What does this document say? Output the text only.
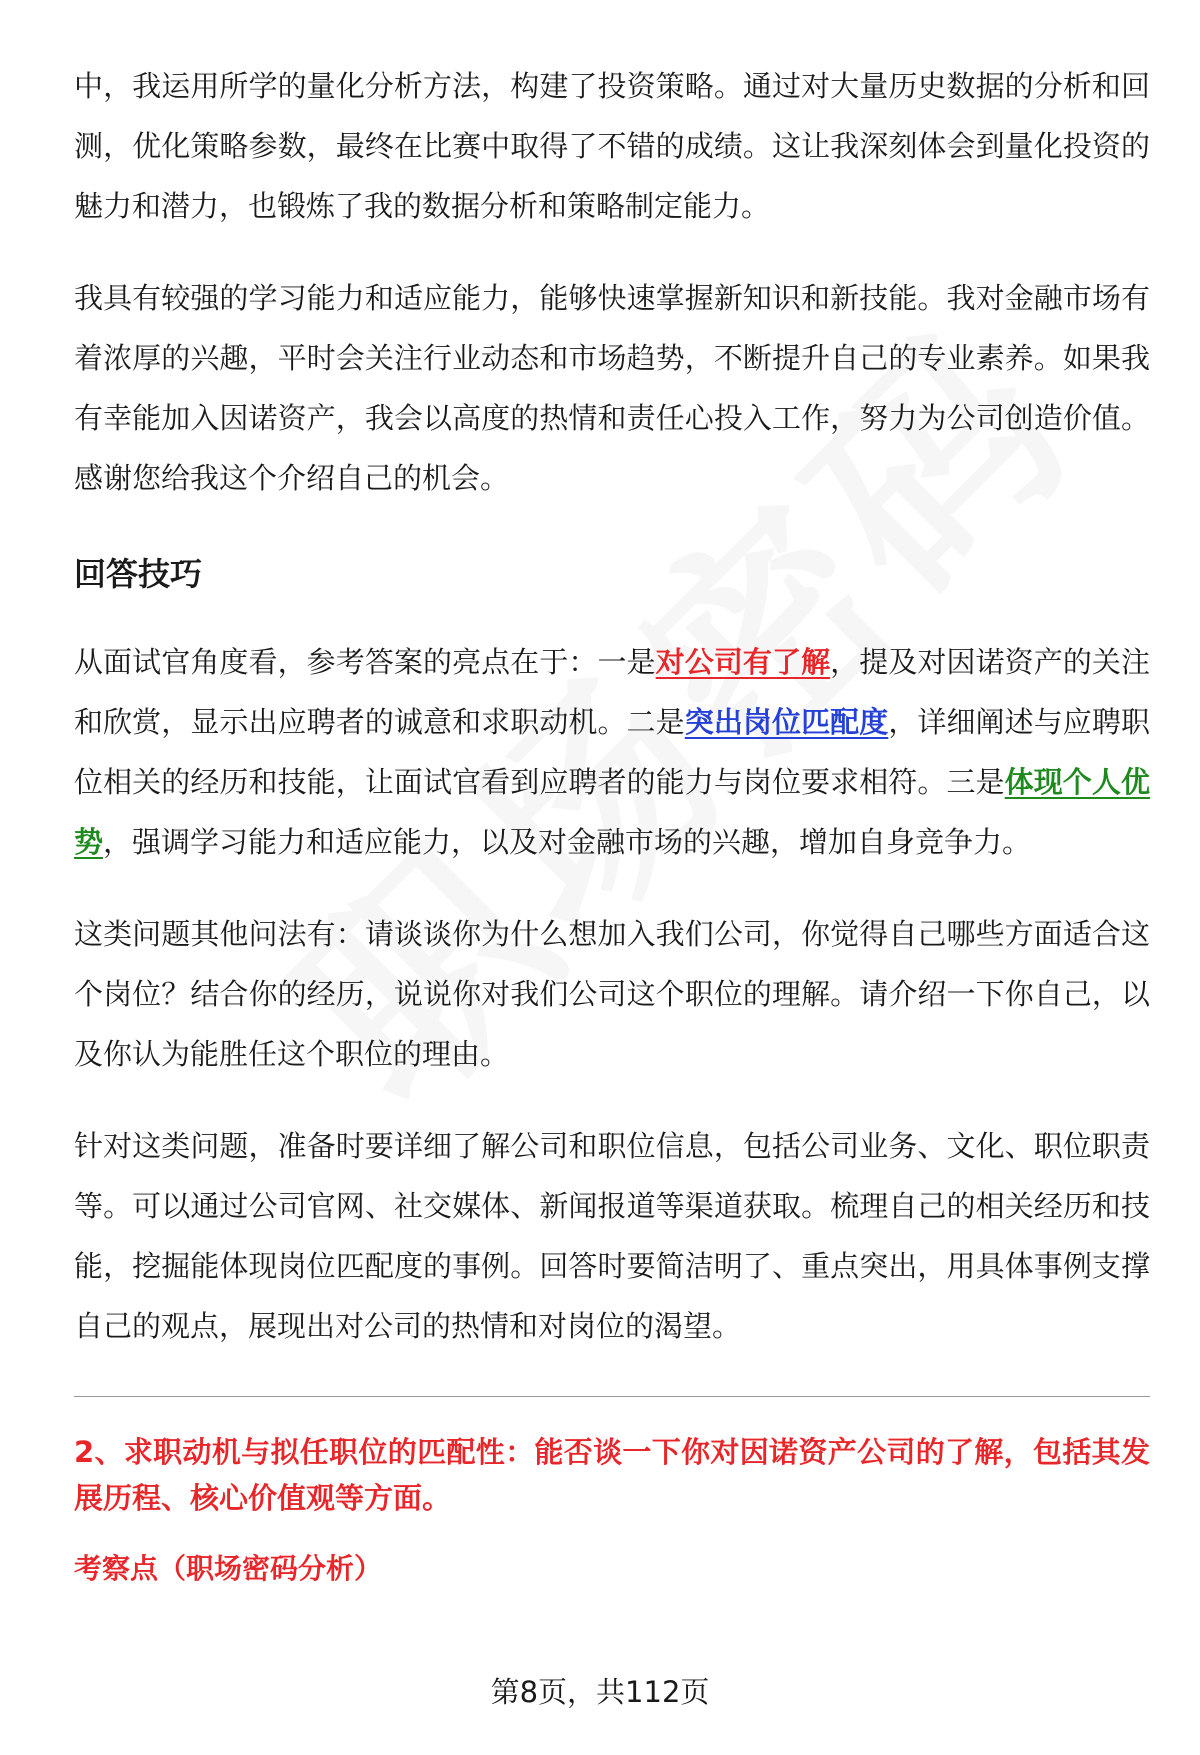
中，我运用所学的量化分析方法，构建了投资策略。通过对大量历史数据的分析和回测，优化策略参数，最终在比赛中取得了不错的成绩。这让我深刻体会到量化投资的魅力和潜力，也锻炼了我的数据分析和策略制定能力。

我具有较强的学习能力和适应能力，能够快速掌握新知识和新技能。我对金融市场有着浓厚的兴趣，平时会关注行业动态和市场趋势，不断提升自己的专业素养。如果我有幸能加入因诺资产，我会以高度的热情和责任心投入工作，努力为公司创造价值。感谢您给我这个介绍自己的机会。

回答技巧

从面试官角度看，参考答案的亮点在于：一是对公司有了解，提及对因诺资产的关注和欣赏，显示出应聘者的诚意和求职动机。二是突出岗位匹配度，详细阐述与应聘职位相关的经历和技能，让面试官看到应聘者的能力与岗位要求相符。三是体现个人优势，强调学习能力和适应能力，以及对金融市场的兴趣，增加自身竞争力。

这类问题其他问法有：请谈谈你为什么想加入我们公司，你觉得自己哪些方面适合这个岗位？结合你的经历，说说你对我们公司这个职位的理解。请介绍一下你自己，以及你认为能胜任这个职位的理由。

针对这类问题，准备时要详细了解公司和职位信息，包括公司业务、文化、职位职责等。可以通过公司官网、社交媒体、新闻报道等渠道获取。梳理自己的相关经历和技能，挖掘能体现岗位匹配度的事例。回答时要简洁明了、重点突出，用具体事例支撑自己的观点，展现出对公司的热情和对岗位的渴望。

2、求职动机与拟任职位的匹配性：能否谈一下你对因诺资产公司的了解，包括其发展历程、核心价值观等方面。

考察点（职场密码分析）

第8页，共112页
